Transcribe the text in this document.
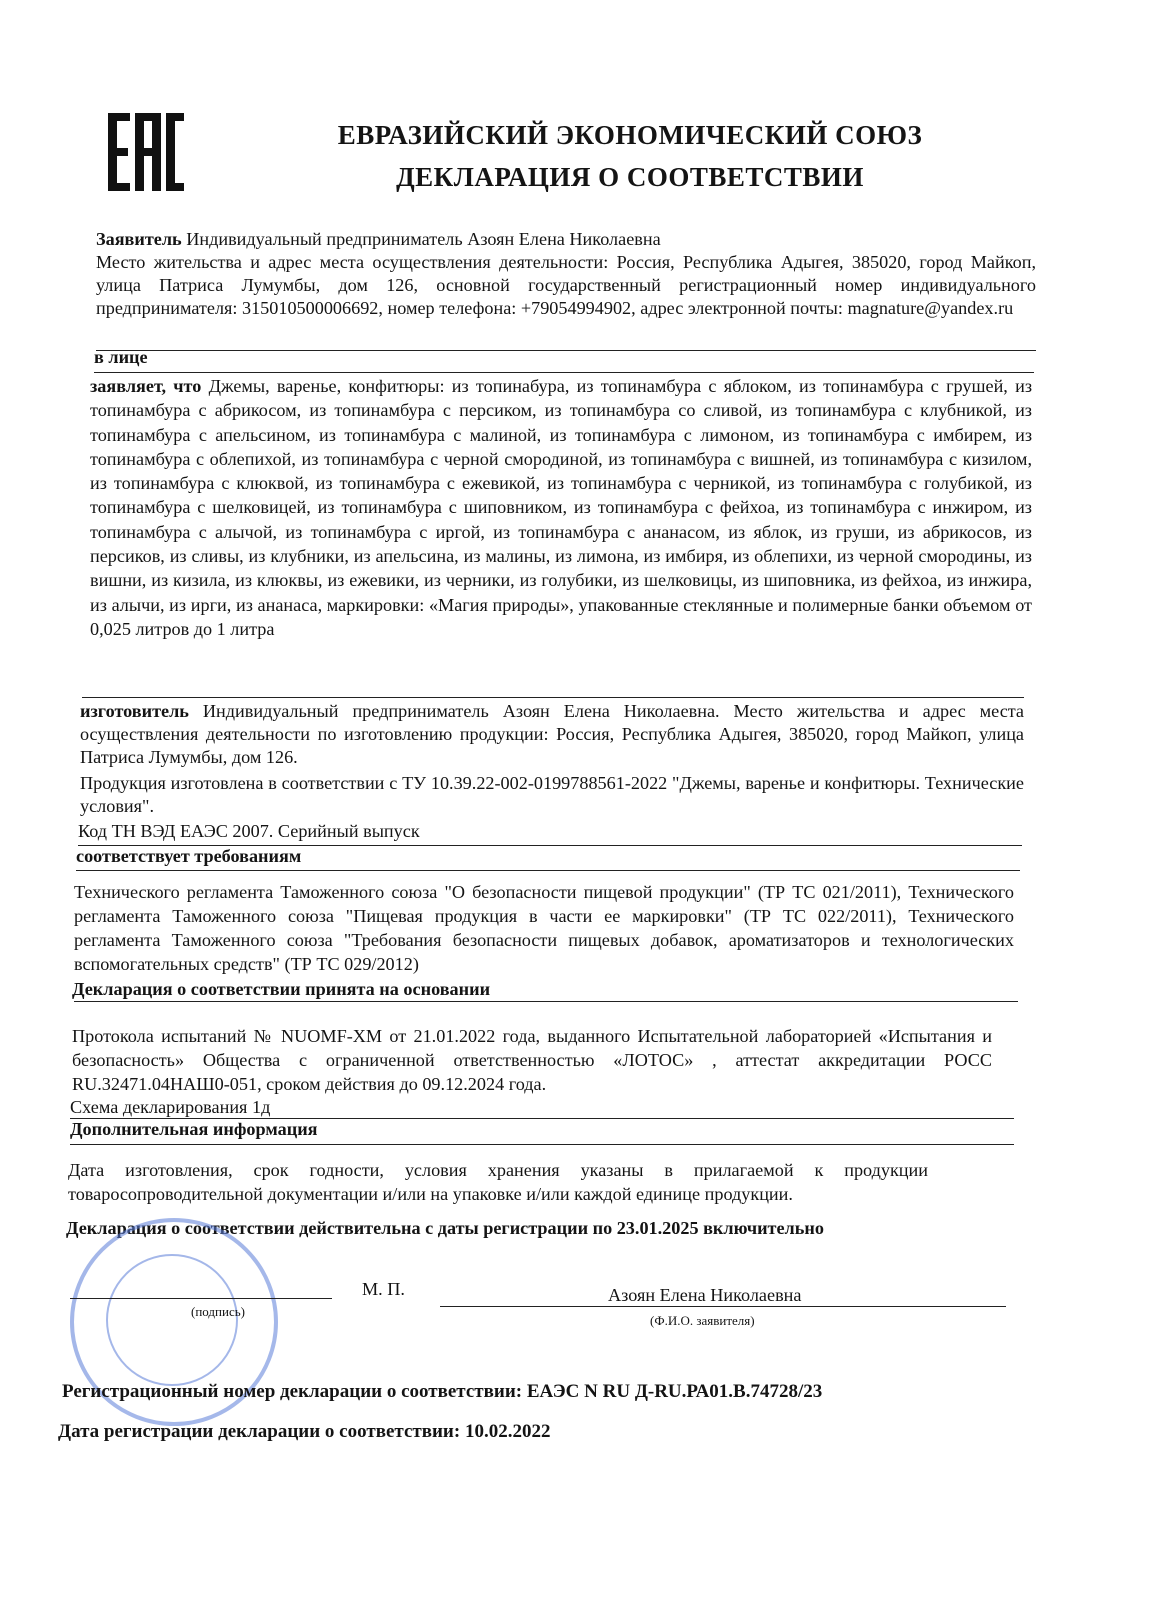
ЕВРАЗИЙСКИЙ ЭКОНОМИЧЕСКИЙ СОЮЗ
ДЕКЛАРАЦИЯ О СООТВЕТСТВИИ
Заявитель Индивидуальный предприниматель Азоян Елена Николаевна
Место жительства и адрес места осуществления деятельности: Россия, Республика Адыгея, 385020, город Майкоп, улица Патриса Лумумбы, дом 126, основной государственный регистрационный номер индивидуального предпринимателя: 315010500006692, номер телефона: +79054994902, адрес электронной почты: magnature@yandex.ru
в лице
заявляет, что Джемы, варенье, конфитюры: из топинабура, из топинамбура с яблоком, из топинамбура с грушей, из топинамбура с абрикосом, из топинамбура с персиком, из топинамбура со сливой, из топинамбура с клубникой, из топинамбура с апельсином, из топинамбура с малиной, из топинамбура с лимоном, из топинамбура с имбирем, из топинамбура с облепихой, из топинамбура с черной смородиной, из топинамбура с вишней, из топинамбура с кизилом, из топинамбура с клюквой, из топинамбура с ежевикой, из топинамбура с черникой, из топинамбура с голубикой, из топинамбура с шелковицей, из топинамбура с шиповником, из топинамбура с фейхоа, из топинамбура с инжиром, из топинамбура с алычой, из топинамбура с иргой, из топинамбура с ананасом, из яблок, из груши, из абрикосов, из персиков, из сливы, из клубники, из апельсина, из малины, из лимона, из имбиря, из облепихи, из черной смородины, из вишни, из кизила, из клюквы, из ежевики, из черники, из голубики, из шелковицы, из шиповника, из фейхоа, из инжира, из алычи, из ирги, из ананаса, маркировки: «Магия природы», упакованные стеклянные и полимерные банки объемом от 0,025 литров до 1 литра
изготовитель Индивидуальный предприниматель Азоян Елена Николаевна. Место жительства и адрес места осуществления деятельности по изготовлению продукции: Россия, Республика Адыгея, 385020, город Майкоп, улица Патриса Лумумбы, дом 126.
Продукция изготовлена в соответствии с ТУ 10.39.22-002-0199788561-2022 "Джемы, варенье и конфитюры. Технические условия".
Код ТН ВЭД ЕАЭС 2007. Серийный выпуск
соответствует требованиям
Технического регламента Таможенного союза "О безопасности пищевой продукции" (ТР ТС 021/2011), Технического регламента Таможенного союза "Пищевая продукция в части ее маркировки" (ТР ТС 022/2011), Технического регламента Таможенного союза "Требования безопасности пищевых добавок, ароматизаторов и технологических вспомогательных средств" (ТР ТС 029/2012)
Декларация о соответствии принята на основании
Протокола испытаний № NUOMF-XM от 21.01.2022 года, выданного Испытательной лабораторией «Испытания и безопасность» Общества с ограниченной ответственностью «ЛОТОС» , аттестат аккредитации РОСС RU.32471.04НАШ0-051, сроком действия до 09.12.2024 года.
Схема декларирования 1д
Дополнительная информация
Дата изготовления, срок годности, условия хранения указаны в прилагаемой к продукции товаросопроводительной документации и/или на упаковке и/или каждой единице продукции.
Декларация о соответствии действительна с даты регистрации по 23.01.2025 включительно
(подпись)
М. П.	Азоян Елена Николаевна
(Ф.И.О. заявителя)
Регистрационный номер декларации о соответствии: ЕАЭС N RU Д-RU.РА01.В.74728/23
Дата регистрации декларации о соответствии: 10.02.2022
